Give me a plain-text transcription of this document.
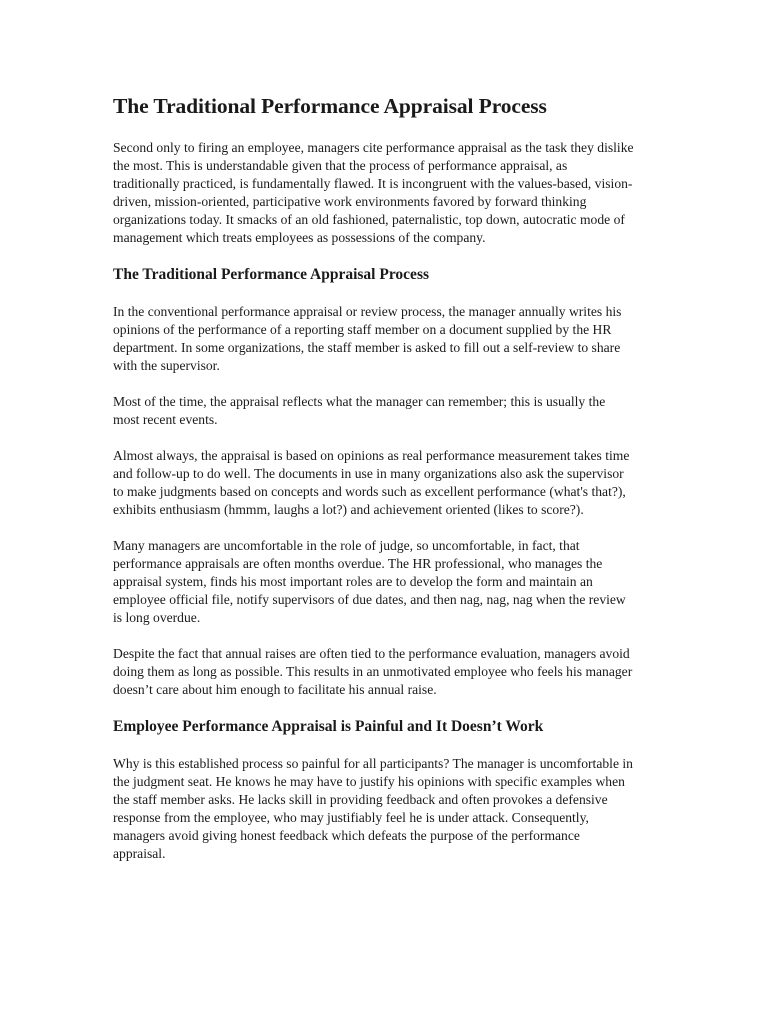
The Traditional Performance Appraisal Process

Second only to firing an employee, managers cite performance appraisal as the task they dislike the most. This is understandable given that the process of performance appraisal, as traditionally practiced, is fundamentally flawed. It is incongruent with the values-based, vision-driven, mission-oriented, participative work environments favored by forward thinking organizations today. It smacks of an old fashioned, paternalistic, top down, autocratic mode of management which treats employees as possessions of the company.

The Traditional Performance Appraisal Process

In the conventional performance appraisal or review process, the manager annually writes his opinions of the performance of a reporting staff member on a document supplied by the HR department. In some organizations, the staff member is asked to fill out a self-review to share with the supervisor.

Most of the time, the appraisal reflects what the manager can remember; this is usually the most recent events.

Almost always, the appraisal is based on opinions as real performance measurement takes time and follow-up to do well. The documents in use in many organizations also ask the supervisor to make judgments based on concepts and words such as excellent performance (what's that?), exhibits enthusiasm (hmmm, laughs a lot?) and achievement oriented (likes to score?).

Many managers are uncomfortable in the role of judge, so uncomfortable, in fact, that performance appraisals are often months overdue. The HR professional, who manages the appraisal system, finds his most important roles are to develop the form and maintain an employee official file, notify supervisors of due dates, and then nag, nag, nag when the review is long overdue.

Despite the fact that annual raises are often tied to the performance evaluation, managers avoid doing them as long as possible. This results in an unmotivated employee who feels his manager doesn’t care about him enough to facilitate his annual raise.

Employee Performance Appraisal is Painful and It Doesn’t Work

Why is this established process so painful for all participants? The manager is uncomfortable in the judgment seat. He knows he may have to justify his opinions with specific examples when the staff member asks. He lacks skill in providing feedback and often provokes a defensive response from the employee, who may justifiably feel he is under attack. Consequently, managers avoid giving honest feedback which defeats the purpose of the performance appraisal.
